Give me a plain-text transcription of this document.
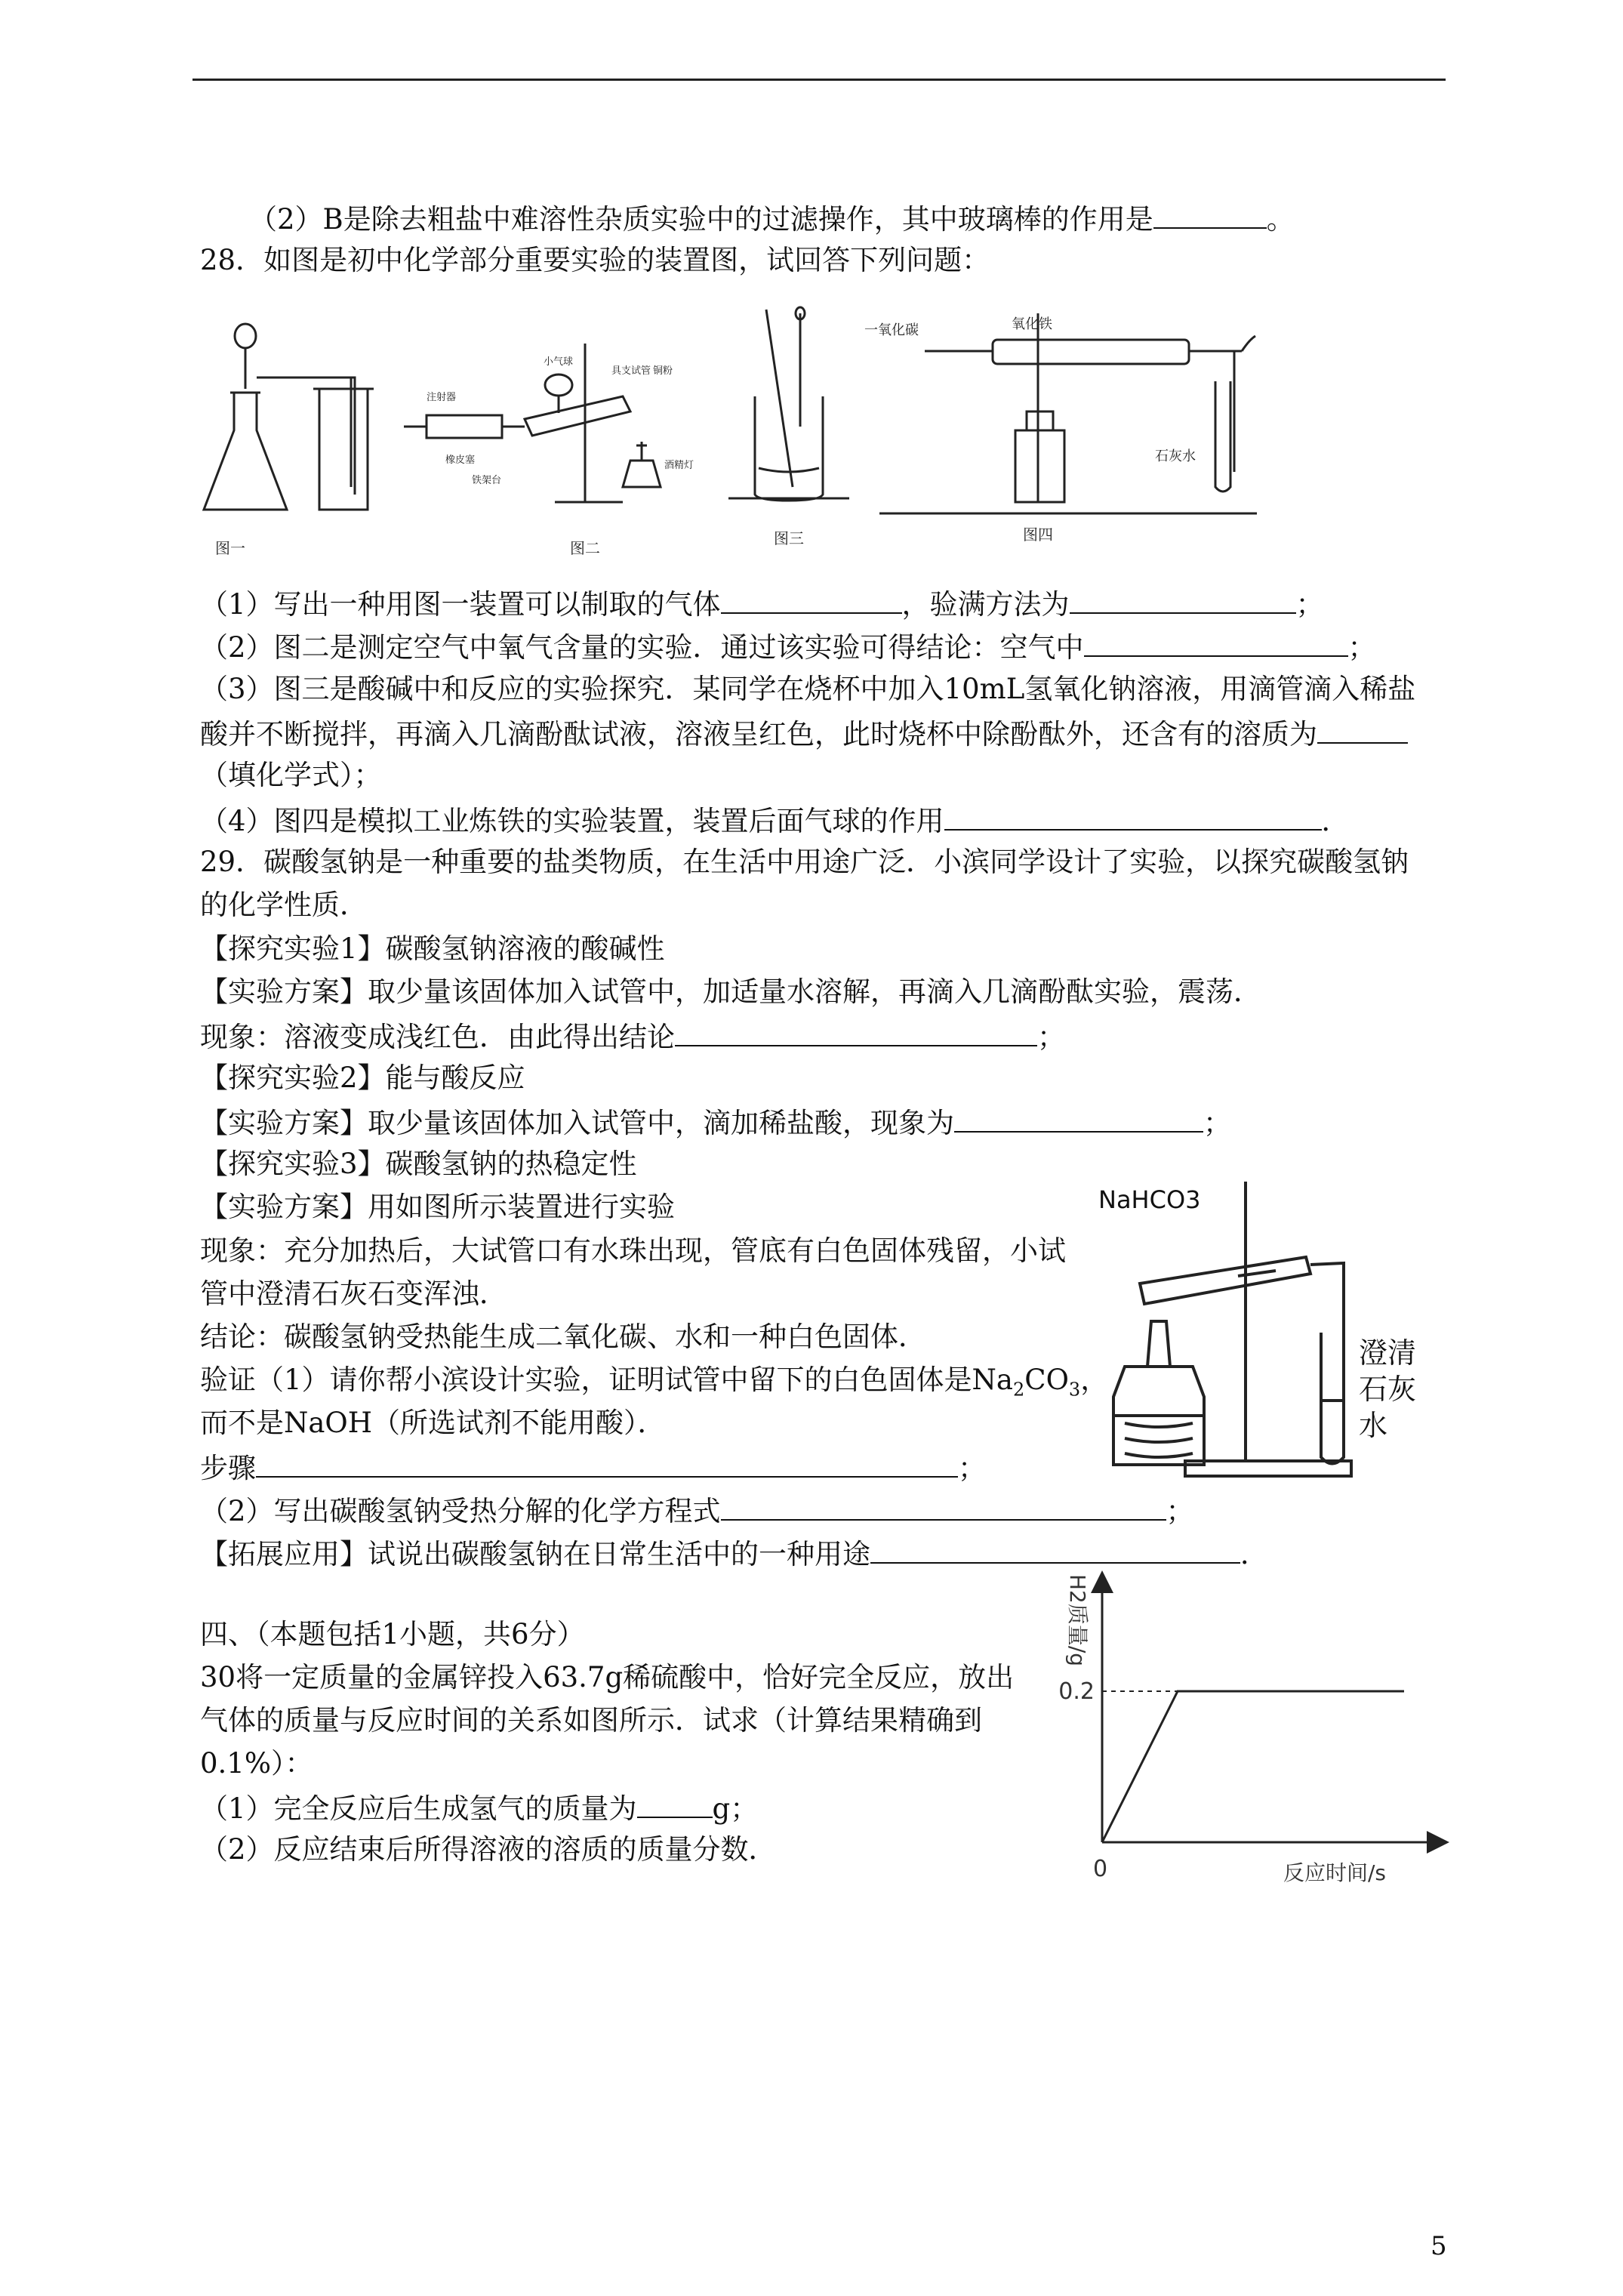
（2）B是除去粗盐中难溶性杂质实验中的过滤操作，其中玻璃棒的作用是	。
28．如图是初中化学部分重要实验的装置图，试回答下列问题：
图一	图二
图三	图四
注射器
小气球
具支试管 铜粉
橡皮塞
铁架台
酒精灯
一氧化碳	氧化铁
石灰水
（1）写出一种用图一装置可以制取的气体	，验满方法为	；
（2）图二是测定空气中氧气含量的实验．通过该实验可得结论：空气中	；
（3）图三是酸碱中和反应的实验探究．某同学在烧杯中加入10mL氢氧化钠溶液，用滴管滴入稀盐
酸并不断搅拌，再滴入几滴酚酞试液，溶液呈红色，此时烧杯中除酚酞外，还含有的溶质为
（填化学式）；
（4）图四是模拟工业炼铁的实验装置，装置后面气球的作用	．
29．碳酸氢钠是一种重要的盐类物质，在生活中用途广泛．小滨同学设计了实验，以探究碳酸氢钠
的化学性质．
【探究实验1】碳酸氢钠溶液的酸碱性
【实验方案】取少量该固体加入试管中，加适量水溶解，再滴入几滴酚酞实验，震荡．
现象：溶液变成浅红色．由此得出结论	；
【探究实验2】能与酸反应
【实验方案】取少量该固体加入试管中，滴加稀盐酸，现象为	；
【探究实验3】碳酸氢钠的热稳定性
【实验方案】用如图所示装置进行实验
现象：充分加热后，大试管口有水珠出现，管底有白色固体残留，小试
管中澄清石灰石变浑浊．
结论：碳酸氢钠受热能生成二氧化碳、水和一种白色固体．
验证（1）请你帮小滨设计实验，证明试管中留下的白色固体是$Na_2CO_3$，
而不是NaOH（所选试剂不能用酸）．
步骤	；
（2）写出碳酸氢钠受热分解的化学方程式	；
【拓展应用】试说出碳酸氢钠在日常生活中的一种用途	．
NaHCO3
澄清
石灰
水
四、（本题包括1小题，共6分）
30将一定质量的金属锌投入63.7g稀硫酸中，恰好完全反应，放出
气体的质量与反应时间的关系如图所示．试求（计算结果精确到
0.1%）：
（1）完全反应后生成氢气的质量为	g；
（2）反应结束后所得溶液的溶质的质量分数．
0.2
0	反应时间/s
H2质量/g
5
